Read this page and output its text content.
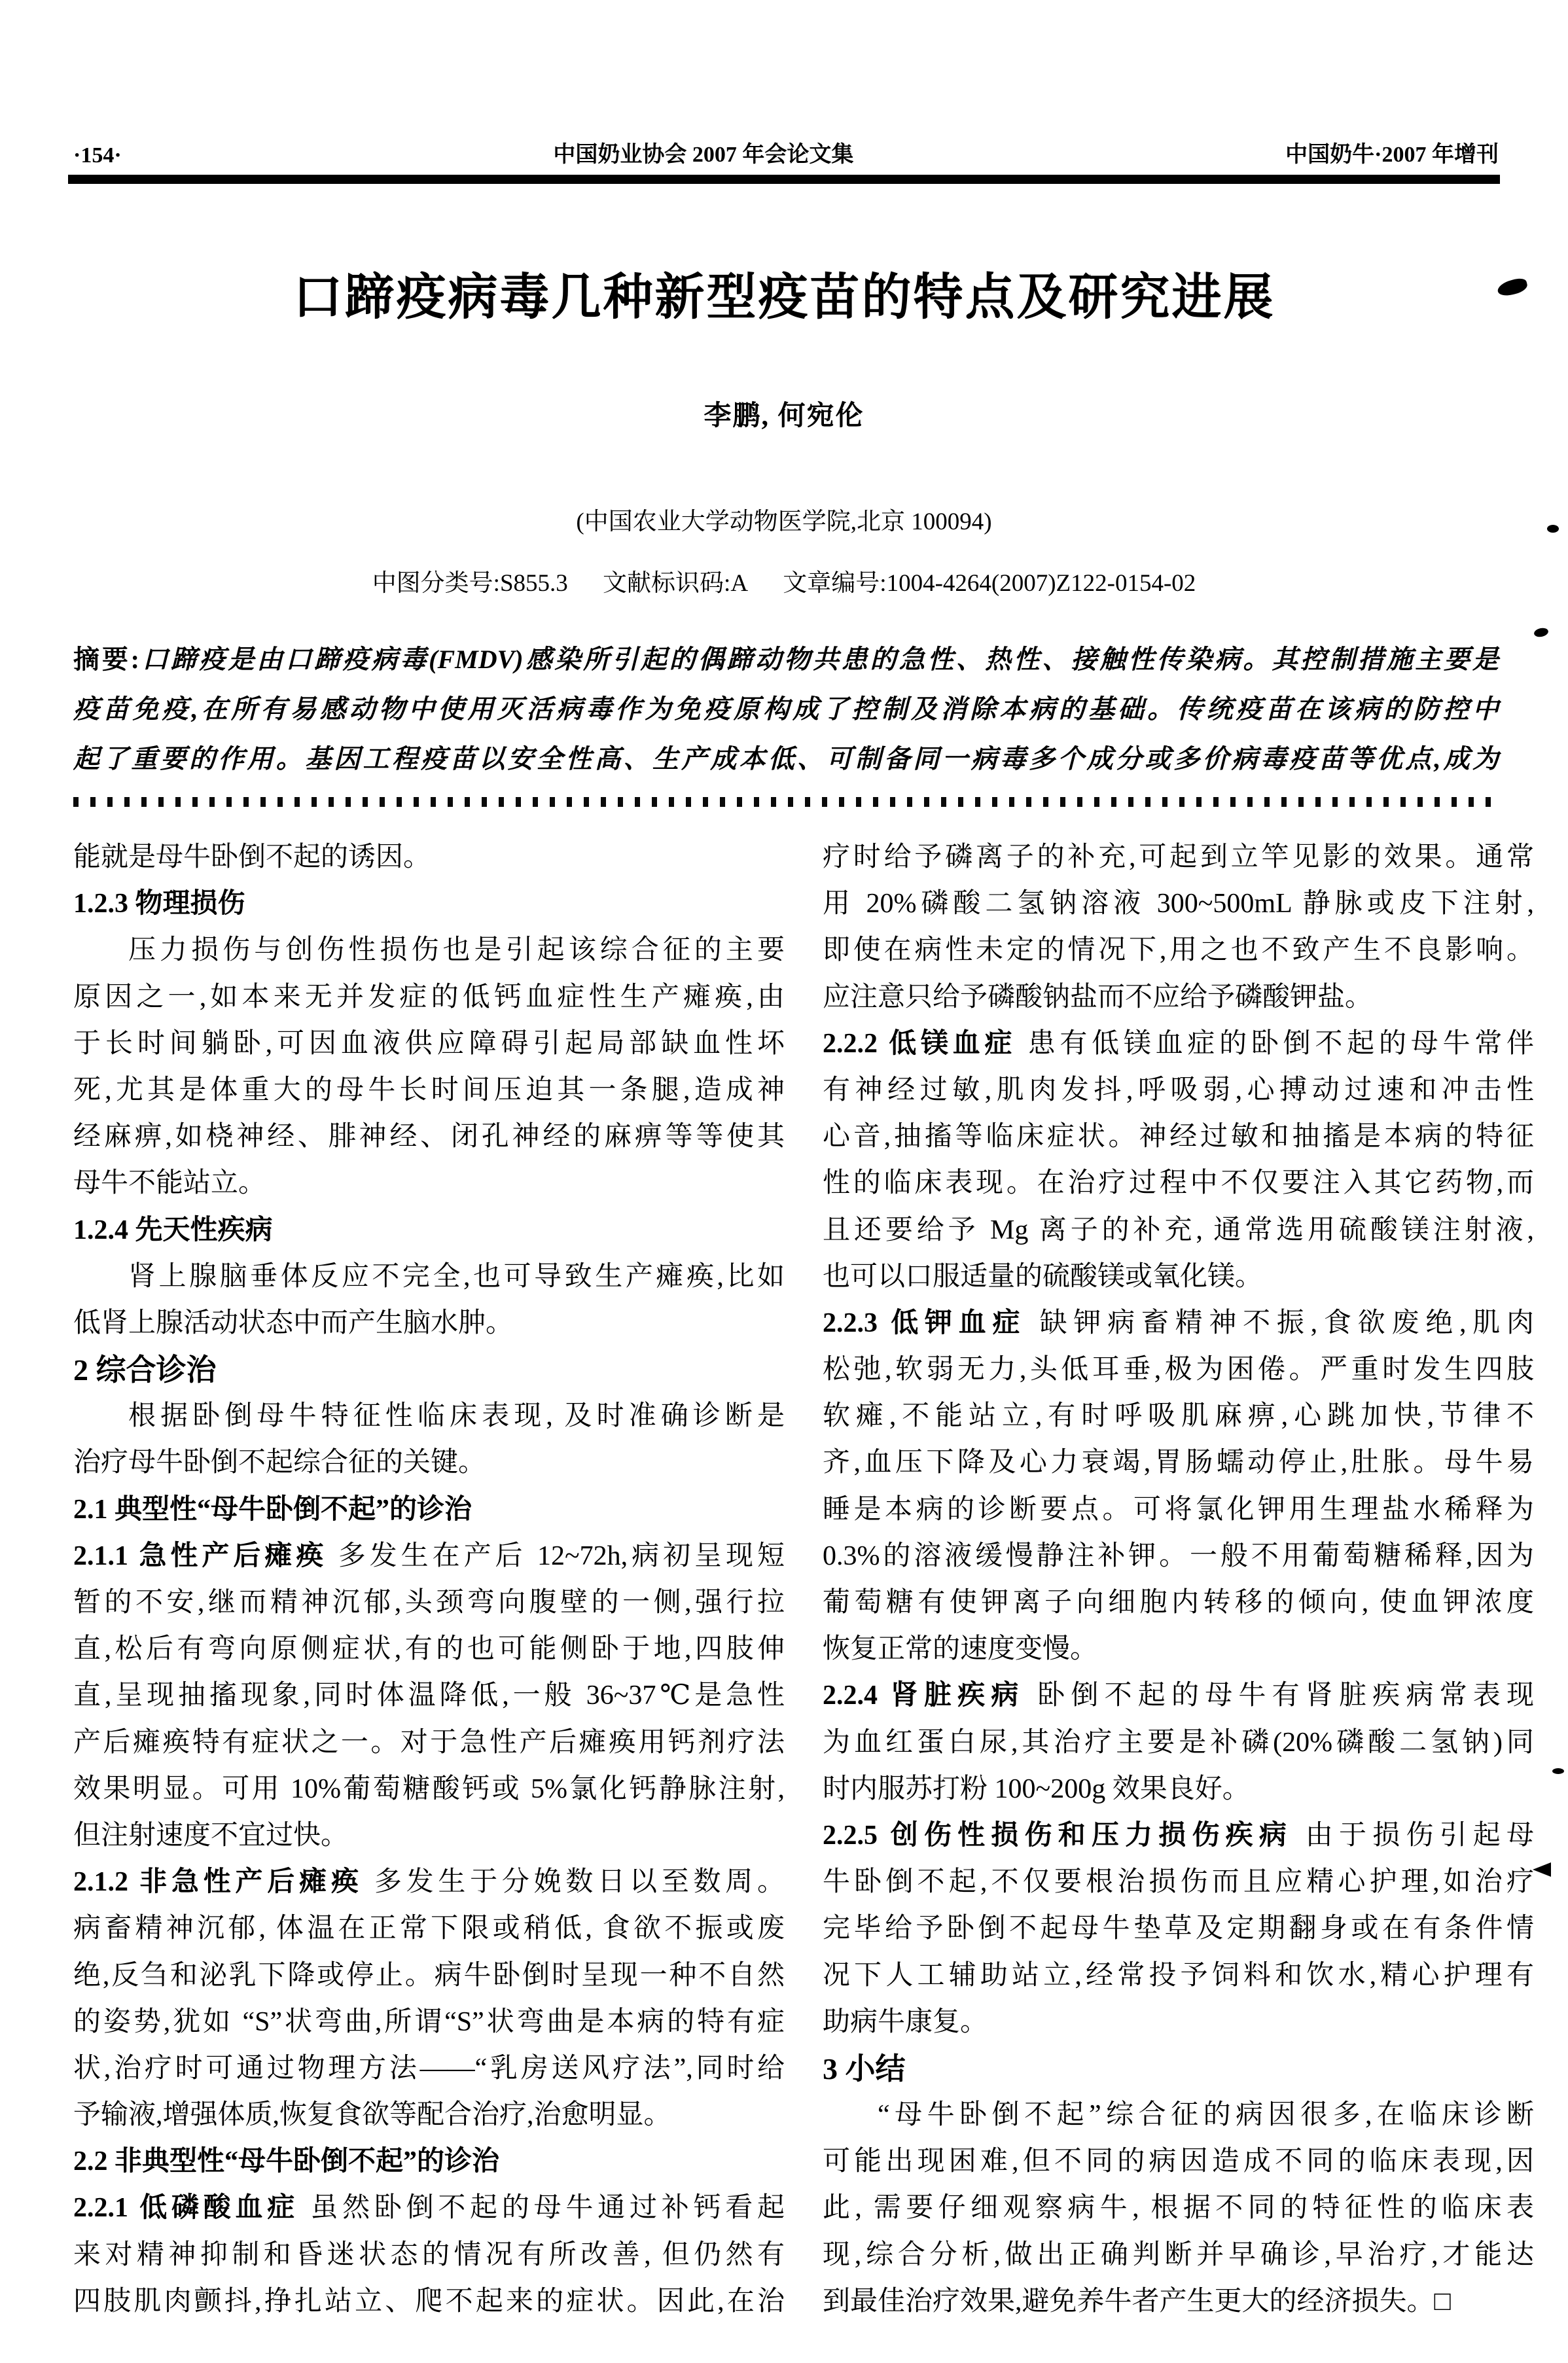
·154·	中国奶业协会 2007 年会论文集	中国奶牛·2007 年增刊
口蹄疫病毒几种新型疫苗的特点及研究进展
李鹏, 何宛伦
(中国农业大学动物医学院,北京 100094)
中图分类号:S855.3 文献标识码:A 文章编号:1004-4264(2007)Z122-0154-02
摘要:口蹄疫是由口蹄疫病毒(FMDV)感染所引起的偶蹄动物共患的急性、热性、接触性传染病。其控制措施主要是
疫苗免疫,在所有易感动物中使用灭活病毒作为免疫原构成了控制及消除本病的基础。传统疫苗在该病的防控中
起了重要的作用。基因工程疫苗以安全性高、生产成本低、可制备同一病毒多个成分或多价病毒疫苗等优点,成为
能就是母牛卧倒不起的诱因。
1.2.3 物理损伤
压力损伤与创伤性损伤也是引起该综合征的主要
原因之一,如本来无并发症的低钙血症性生产瘫痪,由
于长时间躺卧,可因血液供应障碍引起局部缺血性坏
死,尤其是体重大的母牛长时间压迫其一条腿,造成神
经麻痹,如桡神经、腓神经、闭孔神经的麻痹等等使其
母牛不能站立。
1.2.4 先天性疾病
肾上腺脑垂体反应不完全,也可导致生产瘫痪,比如
低肾上腺活动状态中而产生脑水肿。
2 综合诊治
根据卧倒母牛特征性临床表现, 及时准确诊断是
治疗母牛卧倒不起综合征的关键。
2.1 典型性“母牛卧倒不起”的诊治
2.1.1 急性产后瘫痪 多发生在产后 12~72h,病初呈现短
暂的不安,继而精神沉郁,头颈弯向腹壁的一侧,强行拉
直,松后有弯向原侧症状,有的也可能侧卧于地,四肢伸
直,呈现抽搐现象,同时体温降低,一般 36~37℃是急性
产后瘫痪特有症状之一。对于急性产后瘫痪用钙剂疗法
效果明显。可用 10%葡萄糖酸钙或 5%氯化钙静脉注射,
但注射速度不宜过快。
2.1.2 非急性产后瘫痪 多发生于分娩数日以至数周。
病畜精神沉郁, 体温在正常下限或稍低, 食欲不振或废
绝,反刍和泌乳下降或停止。病牛卧倒时呈现一种不自然
的姿势,犹如 “S”状弯曲,所谓“S”状弯曲是本病的特有症
状,治疗时可通过物理方法——“乳房送风疗法”,同时给
予输液,增强体质,恢复食欲等配合治疗,治愈明显。
2.2 非典型性“母牛卧倒不起”的诊治
2.2.1 低磷酸血症 虽然卧倒不起的母牛通过补钙看起
来对精神抑制和昏迷状态的情况有所改善, 但仍然有
四肢肌肉颤抖,挣扎站立、爬不起来的症状。因此,在治
疗时给予磷离子的补充,可起到立竿见影的效果。通常
用 20%磷酸二氢钠溶液 300~500mL 静脉或皮下注射,
即使在病性未定的情况下,用之也不致产生不良影响。
应注意只给予磷酸钠盐而不应给予磷酸钾盐。
2.2.2 低镁血症 患有低镁血症的卧倒不起的母牛常伴
有神经过敏,肌肉发抖,呼吸弱,心搏动过速和冲击性
心音,抽搐等临床症状。神经过敏和抽搐是本病的特征
性的临床表现。在治疗过程中不仅要注入其它药物,而
且还要给予 Mg 离子的补充, 通常选用硫酸镁注射液,
也可以口服适量的硫酸镁或氧化镁。
2.2.3 低钾血症 缺钾病畜精神不振,食欲废绝,肌肉
松弛,软弱无力,头低耳垂,极为困倦。严重时发生四肢
软瘫,不能站立,有时呼吸肌麻痹,心跳加快,节律不
齐,血压下降及心力衰竭,胃肠蠕动停止,肚胀。母牛易
睡是本病的诊断要点。可将氯化钾用生理盐水稀释为
0.3%的溶液缓慢静注补钾。一般不用葡萄糖稀释,因为
葡萄糖有使钾离子向细胞内转移的倾向, 使血钾浓度
恢复正常的速度变慢。
2.2.4 肾脏疾病 卧倒不起的母牛有肾脏疾病常表现
为血红蛋白尿,其治疗主要是补磷(20%磷酸二氢钠)同
时内服苏打粉 100~200g 效果良好。
2.2.5 创伤性损伤和压力损伤疾病 由于损伤引起母
牛卧倒不起,不仅要根治损伤而且应精心护理,如治疗
完毕给予卧倒不起母牛垫草及定期翻身或在有条件情
况下人工辅助站立,经常投予饲料和饮水,精心护理有
助病牛康复。
3 小结
“母牛卧倒不起”综合征的病因很多,在临床诊断
可能出现困难,但不同的病因造成不同的临床表现,因
此, 需要仔细观察病牛, 根据不同的特征性的临床表
现,综合分析,做出正确判断并早确诊,早治疗,才能达
到最佳治疗效果,避免养牛者产生更大的经济损失。□
